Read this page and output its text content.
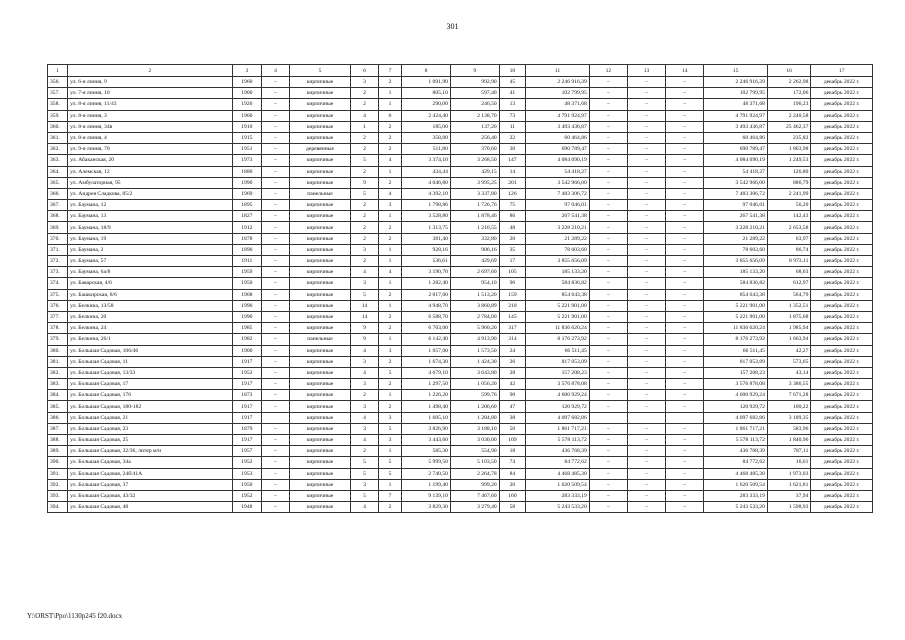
301
1	2	3	4	5	6	7	8	9	10	11	12	13	14	15	16	17
356.	ул. 6-я линия, 9	1960	–	кирпичные	3	2	1 091,90	992,90	45	2 246 916,39	–	–	–	2 246 916,39	2 262,98	декабрь 2022 г.
357.	ул. 7-я линия, 10	1900	–	кирпичные	2	1	805,10	597,40	41	102 799,95	–	–	–	102 799,95	172,06	декабрь 2022 г.
358.	ул. 8-я линия, 11/43	1926	–	кирпичные	2	1	290,00	246,50	13	48 371,68	–	–	–	48 371,68	196,23	декабрь 2022 г.
359.	ул. 8-я линия, 3	1960	–	кирпичные	4	6	2 424,40	2 138,70	73	4 791 924,97	–	–	–	4 791 924,97	2 240,58	декабрь 2022 г.
360.	ул. 8-я линия, 34в	1910	–	кирпичные	1	2	185,00	137,20	11	3 493 436,87	–	–	–	3 493 436,87	25 462,37	декабрь 2022 г.
361.	ул. 8-я линия, 4	1915	–	кирпичные	2	2	358,80	256,40	22	60 464,86	–	–	–	60 464,86	235,82	декабрь 2022 г.
362.	ул. 9-я линия, 70	1951	–	деревянные	2	2	511,80	370,60	30	690 789,47	–	–	–	690 789,47	1 863,98	декабрь 2022 г.
363.	ул. Абаканская, 20	1973	–	кирпичные	5	4	3 374,10	3 268,50	147	4 084 090,19	–	–	–	4 084 090,19	1 249,53	декабрь 2022 г.
364.	ул. Алемская, 12	1880	–	кирпичные	2	1	434,44	429,15	14	54 418,27	–	–	–	54 418,27	126,80	декабрь 2022 г.
365.	ул. Амбулаторная, 95	1990	–	кирпичные	9	2	4 046,80	3 995,25	201	3 542 966,00	–	–	–	3 542 966,00	886,79	декабрь 2022 г.
366.	ул. Андрея Сладкова, 85/2	1969	–	панельные	5	4	4 392,10	3 337,80	126	7 483 306,72	–	–	–	7 483 306,72	2 241,99	декабрь 2022 г.
367.	ул. Баумана, 12	1895	–	кирпичные	2	3	1 798,86	1 726,76	75	97 046,01	–	–	–	97 046,01	56,20	декабрь 2022 г.
368.	ул. Баумана, 13	1827	–	кирпичные	2	1	3 528,80	1 878,46	86	267 541,38	–	–	–	267 541,38	142,43	декабрь 2022 г.
369.	ул. Баумана, 18/9	1912	–	кирпичные	2	2	1 313,75	1 216,55	48	3 228 210,21	–	–	–	3 228 210,21	2 653,58	декабрь 2022 г.
370.	ул. Баумана, 19	1878	–	кирпичные	2	2	381,40	332,80	20	21 289,22	–	–	–	21 289,22	63,97	декабрь 2022 г.
371.	ул. Баумана, 2	1890	–	кирпичные	3	1	928,16	906,16	35	78 603,60	–	–	–	78 603,60	86,74	декабрь 2022 г.
372.	ул. Баумана, 57	1911	–	кирпичные	2	1	536,61	429,69	17	3 855 656,09	–	–	–	3 855 656,09	8 973,11	декабрь 2022 г.
373.	ул. Баумана, 6а/8	1959	–	кирпичные	4	4	3 190,70	2 697,60	105	185 133,20	–	–	–	185 133,20	68,63	декабрь 2022 г.
374.	ул. Баварская, 4/6	1950	–	кирпичные	3	1	1 282,40	954,10	96	584 836,82	–	–	–	584 836,82	612,97	декабрь 2022 г.
375.	ул. Башкирская, 8/6	1968	–	кирпичные	5	2	2 017,60	1 513,20	159	854 643,38	–	–	–	854 643,38	564,79	декабрь 2022 г.
376.	ул. Белкина, 13/58	1990	–	кирпичные	14	1	4 948,70	3 860,89	218	5 221 901,00	–	–	–	5 221 901,00	1 352,51	декабрь 2022 г.
377.	ул. Белкина, 20	1990	–	кирпичные	14	2	6 588,70	2 784,00	145	5 221 901,00	–	–	–	5 221 901,00	1 875,68	декабрь 2022 г.
378.	ул. Белкина, 24	1985	–	кирпичные	9	2	6 703,00	5 960,20	317	11 836 620,24	–	–	–	11 836 620,24	1 985,94	декабрь 2022 г.
379.	ул. Белкина, 26/1	1982	–	панельные	9	1	6 142,40	4 913,90	314	8 176 273,92	–	–	–	8 176 273,92	1 663,94	декабрь 2022 г.
380.	ул. Большая Садовая, 106/46	1900	–	кирпичные	4	3	1 657,00	1 573,50	24	66 511,45	–	–	–	66 511,45	42,27	декабрь 2022 г.
381.	ул. Большая Садовая, 11	1917	–	кирпичные	3	2	1 674,30	1 424,30	26	817 053,09	–	–	–	817 053,09	573,65	декабрь 2022 г.
382.	ул. Большая Садовая, 13/33	1952	–	кирпичные	4	5	4 679,10	3 643,80	28	157 208,23	–	–	–	157 208,23	43,14	декабрь 2022 г.
383.	ул. Большая Садовая, 17	1917	–	кирпичные	3	2	1 297,50	1 056,20	42	3 576 878,08	–	–	–	3 576 878,08	3 386,55	декабрь 2022 г.
384.	ул. Большая Садовая, 176	1873	–	кирпичные	2	1	1 226,20	599,76	90	4 600 929,24	–	–	–	4 600 929,24	7 671,28	декабрь 2022 г.
385.	ул. Большая Садовая, 180-182	1917	–	кирпичные	3	2	1 498,40	1 206,60	47	120 929,72	–	–	–	120 929,72	100,22	декабрь 2022 г.
386.	ул. Большая Садовая, 21	1917		кирпичные	4	3	1 605,10	1 284,80	38	4 097 682,86				4 097 682,86	3 189,35	декабрь 2022 г.
387.	ул. Большая Садовая, 23	1879	–	кирпичные	3	5	3 826,90	3 188,10	50	1 861 717,21	–	–	–	1 861 717,21	583,96	декабрь 2022 г.
388.	ул. Большая Садовая, 25	1917	–	кирпичные	4	3	3 443,60	3 030,00	109	5 578 113,72	–	–	–	5 578 113,72	1 840,96	декабрь 2022 г.
389.	ул. Большая Садовая, 32/36, литер м/н	1957	–	кирпичные	2	1	585,30	554,90	18	436 768,39	–	–	–	436 768,39	787,11	декабрь 2022 г.
390.	ул. Большая Садовая, 34а	1952	–	кирпичные	5	5	5 999,50	5 103,50	74	84 772,62	–	–	–	84 772,62	16,61	декабрь 2022 г.
391.	ул. Большая Садовая, 24б/41А	1953	–	кирпичные	5	5	2 740,50	2 264,78	84	4 468 485,30	–	–	–	4 468 485,30	1 973,03	декабрь 2022 г.
392.	ул. Большая Садовая, 37	1950	–	кирпичные	3	1	1 199,40	999,20	20	1 620 509,54	–	–	–	1 620 509,54	1 621,81	декабрь 2022 г.
393.	ул. Большая Садовая, 43/32	1952	–	кирпичные	5	7	9 139,10	7 467,60	160	283 333,19	–	–	–	283 333,19	37,94	декабрь 2022 г.
394.	ул. Большая Садовая, 48	1948	–	кирпичные	4	2	3 829,30	3 279,40	58	5 243 533,20	–	–	–	5 243 533,20	1 598,93	декабрь 2022 г.
Y:\ORST\Ppo\1130p245 f20.docx
